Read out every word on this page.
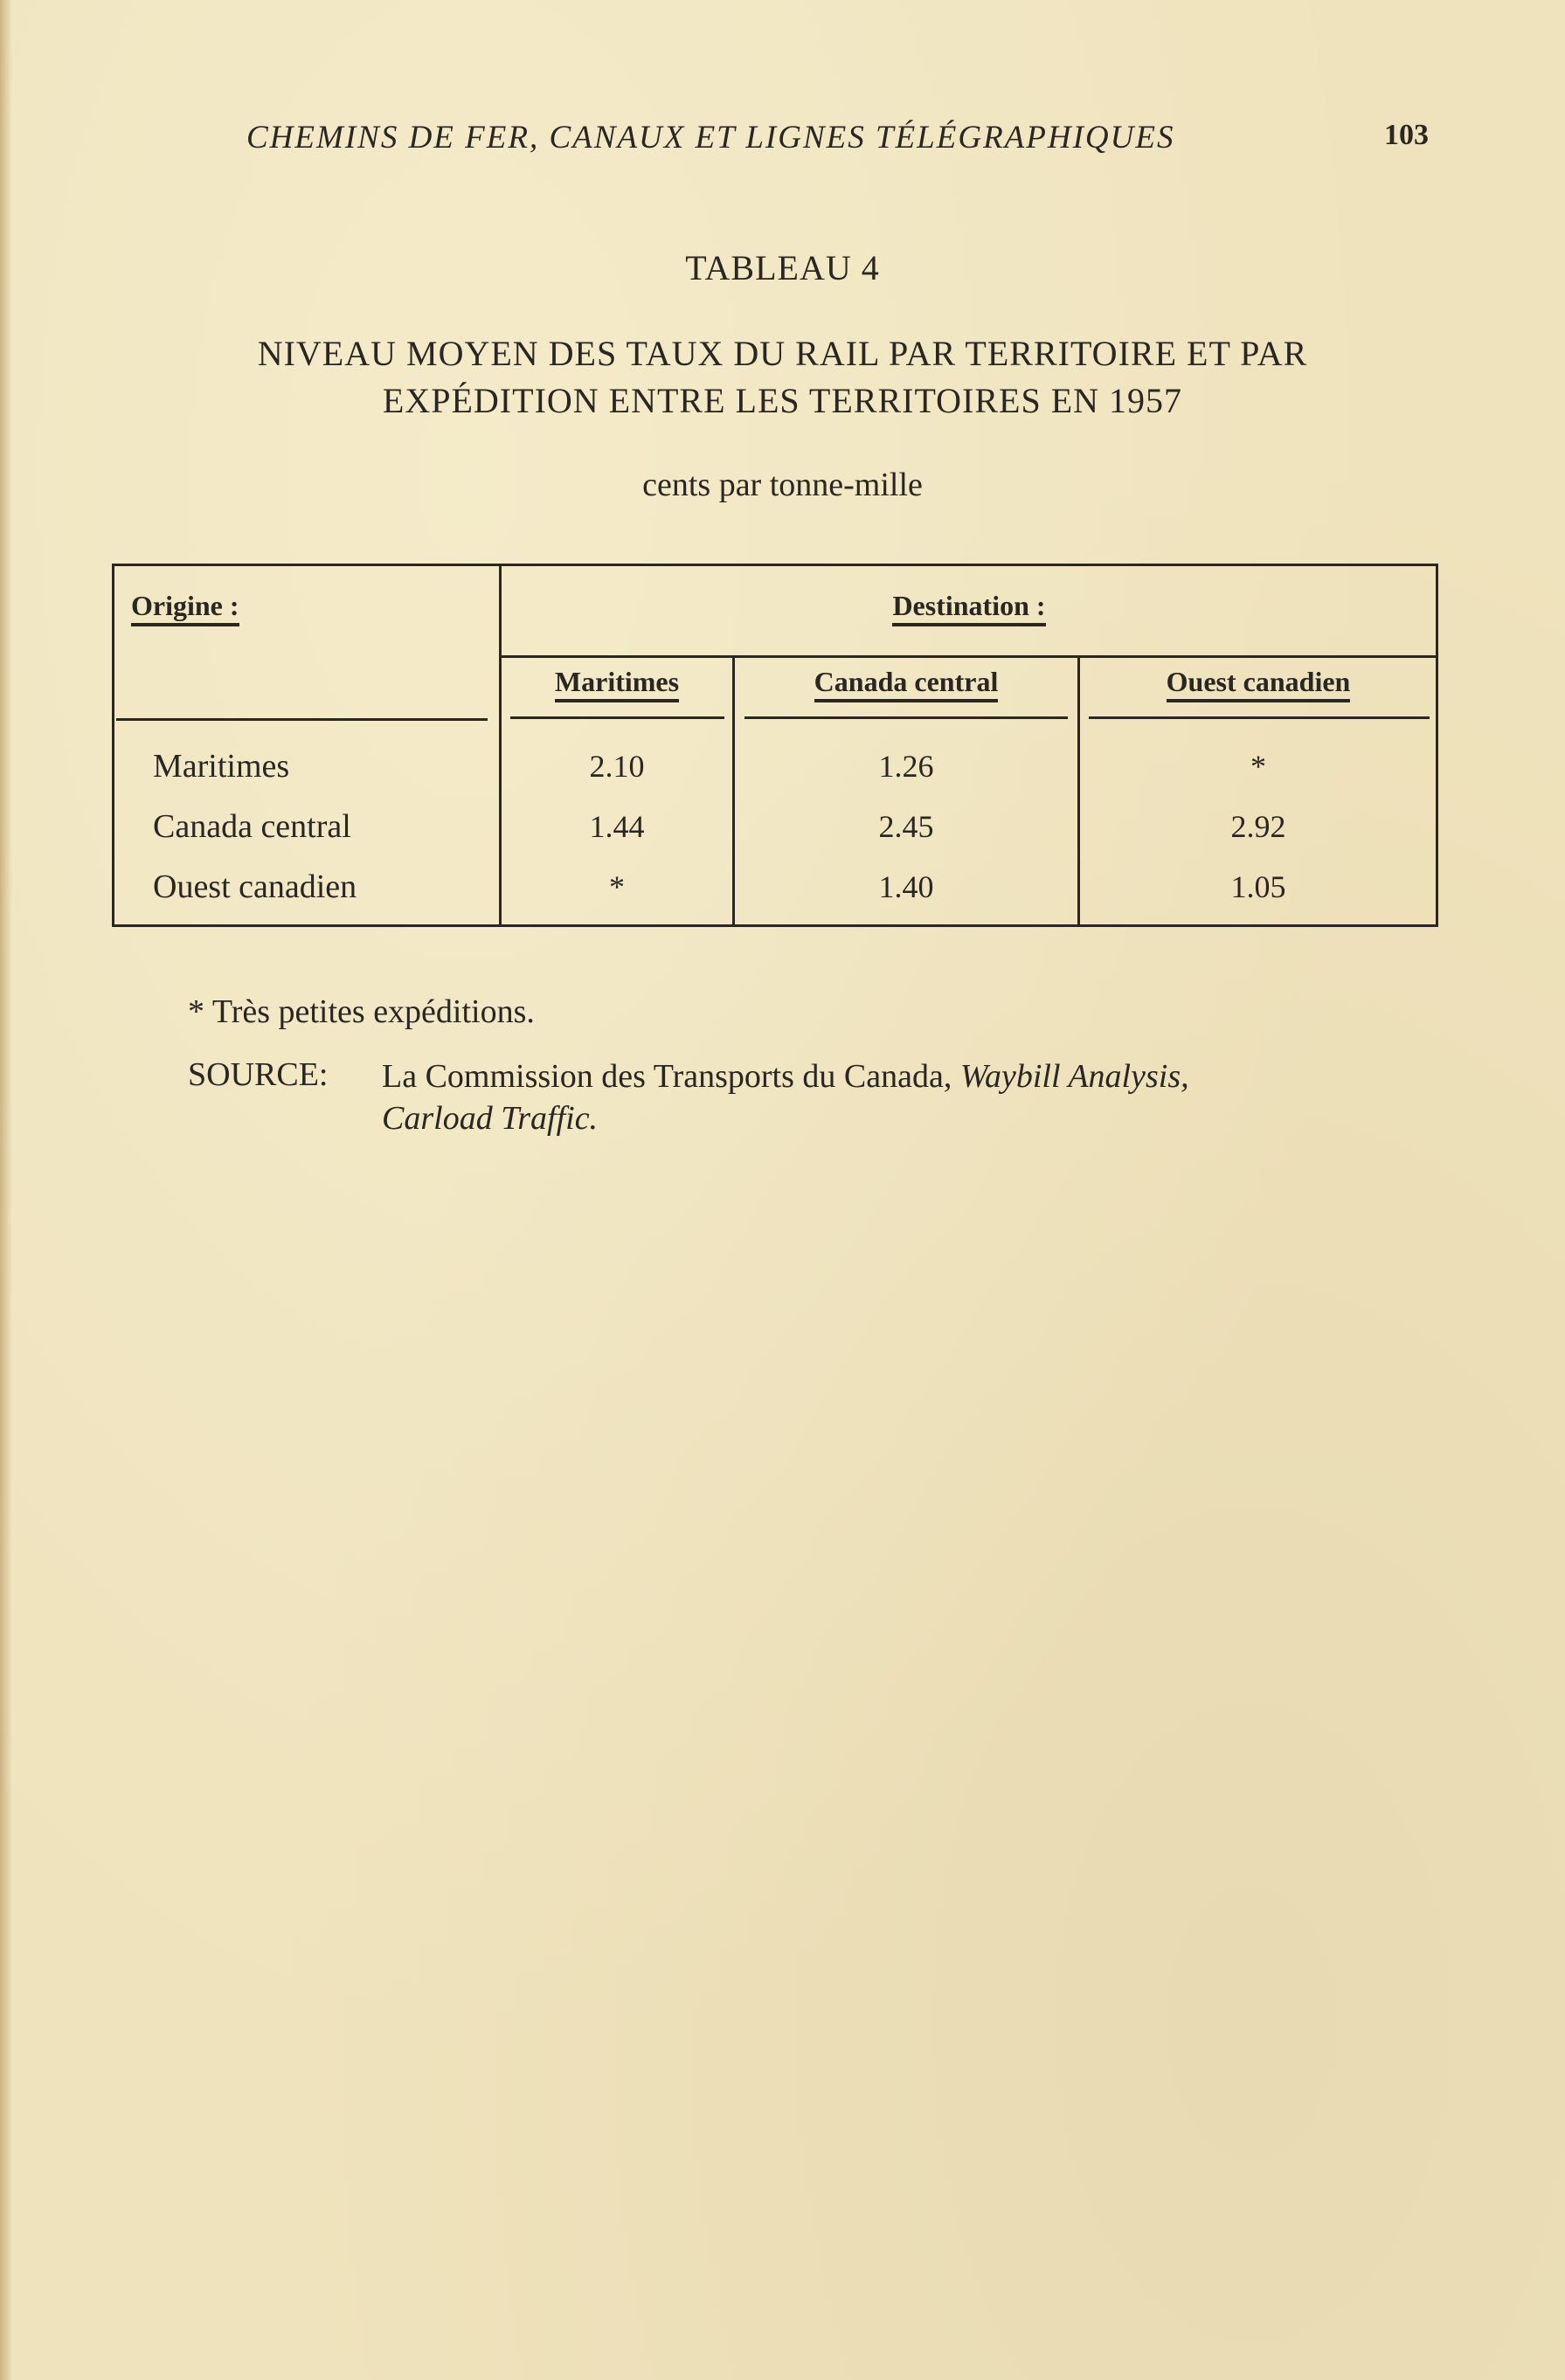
CHEMINS DE FER, CANAUX ET LIGNES TÉLÉGRAPHIQUES	103
TABLEAU 4
NIVEAU MOYEN DES TAUX DU RAIL PAR TERRITOIRE ET PAR
EXPÉDITION ENTRE LES TERRITOIRES EN 1957
cents par tonne-mille
Origine :	Destination :
Maritimes	Canada central	Ouest canadien
Maritimes	2.10	1.26	*
Canada central	1.44	2.45	2.92
Ouest canadien	*	1.40	1.05
* Très petites expéditions.
SOURCE: La Commission des Transports du Canada, Waybill Analysis,
Carload Traffic.
